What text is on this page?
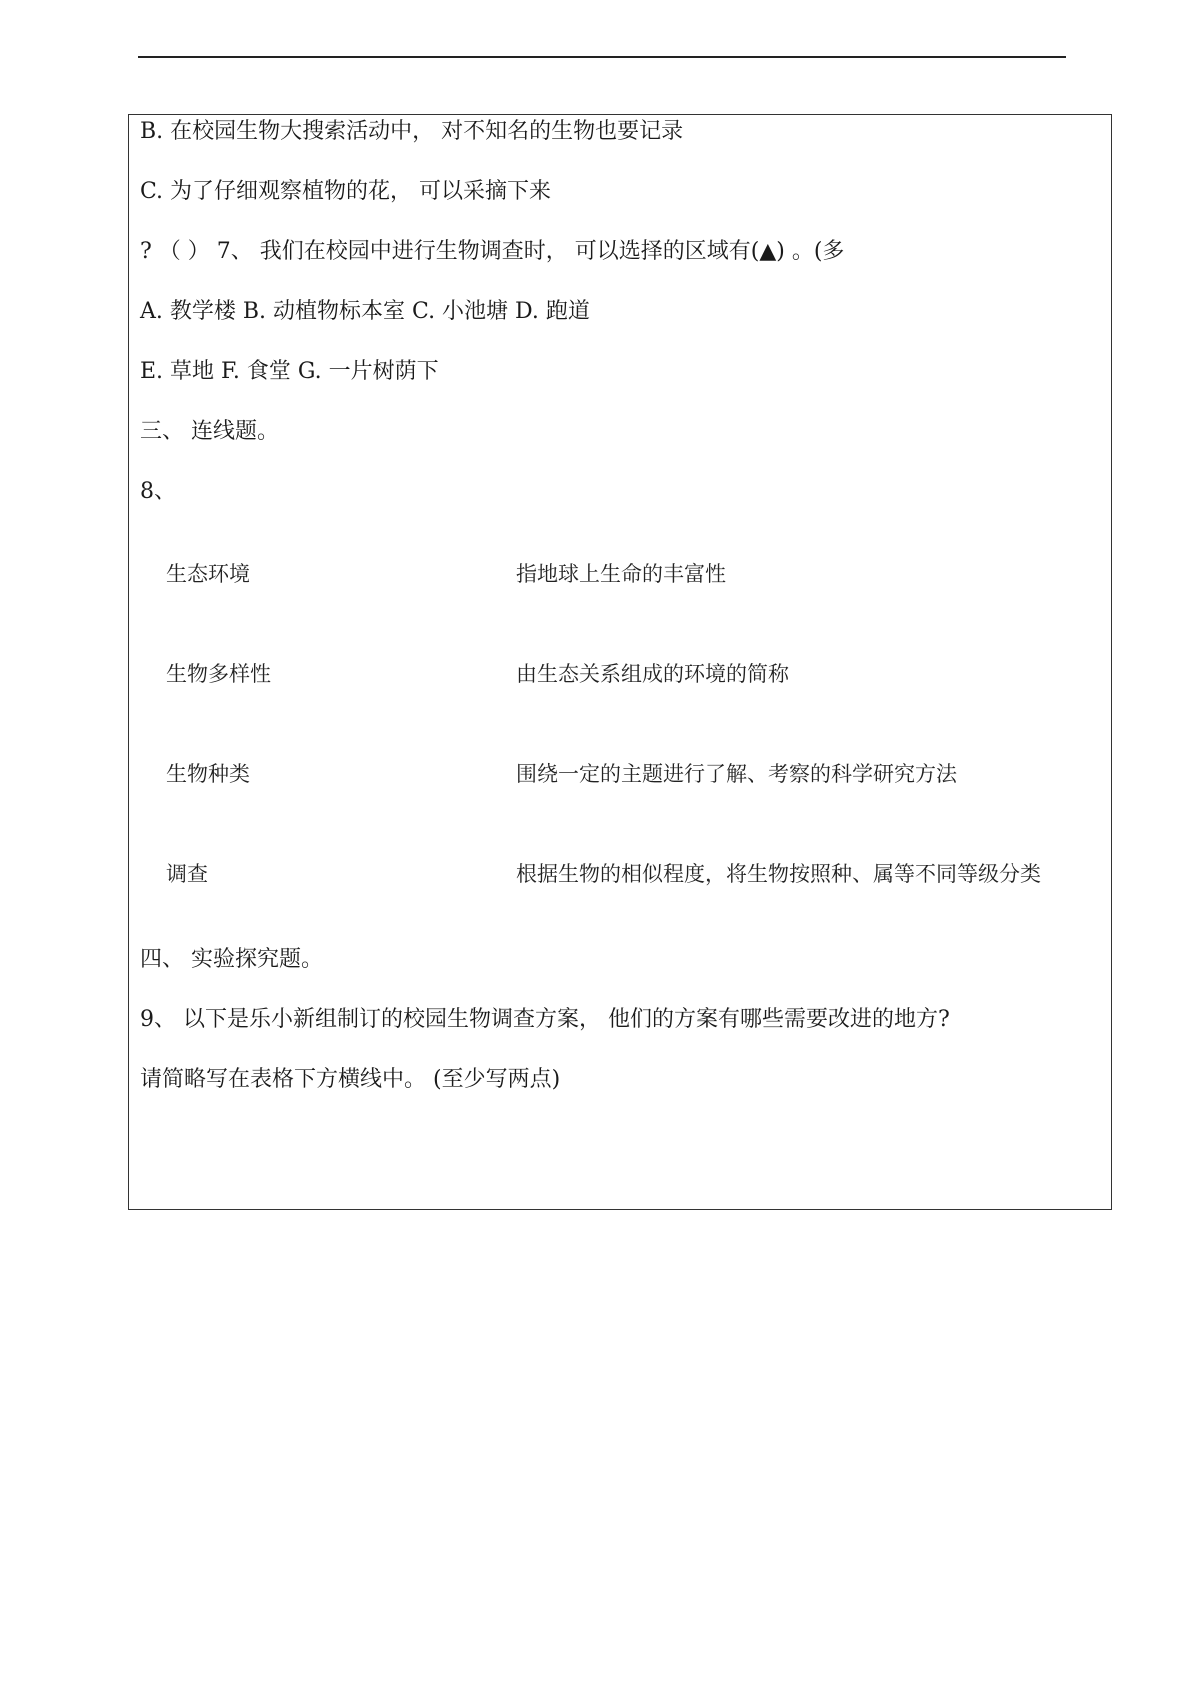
B. 在校园生物大搜索活动中， 对不知名的生物也要记录
C. 为了仔细观察植物的花， 可以采摘下来
? （ ） 7、 我们在校园中进行生物调查时， 可以选择的区域有(▲) 。(多
A. 教学楼 B. 动植物标本室 C. 小池塘 D. 跑道
E. 草地 F. 食堂 G. 一片树荫下
三、 连线题。
8、
生态环境	指地球上生命的丰富性
生物多样性	由生态关系组成的环境的简称
生物种类	围绕一定的主题进行了解、考察的科学研究方法
调查	根据生物的相似程度，将生物按照种、属等不同等级分类
四、 实验探究题。
9、 以下是乐小新组制订的校园生物调查方案， 他们的方案有哪些需要改进的地方?
请简略写在表格下方横线中。 (至少写两点)
